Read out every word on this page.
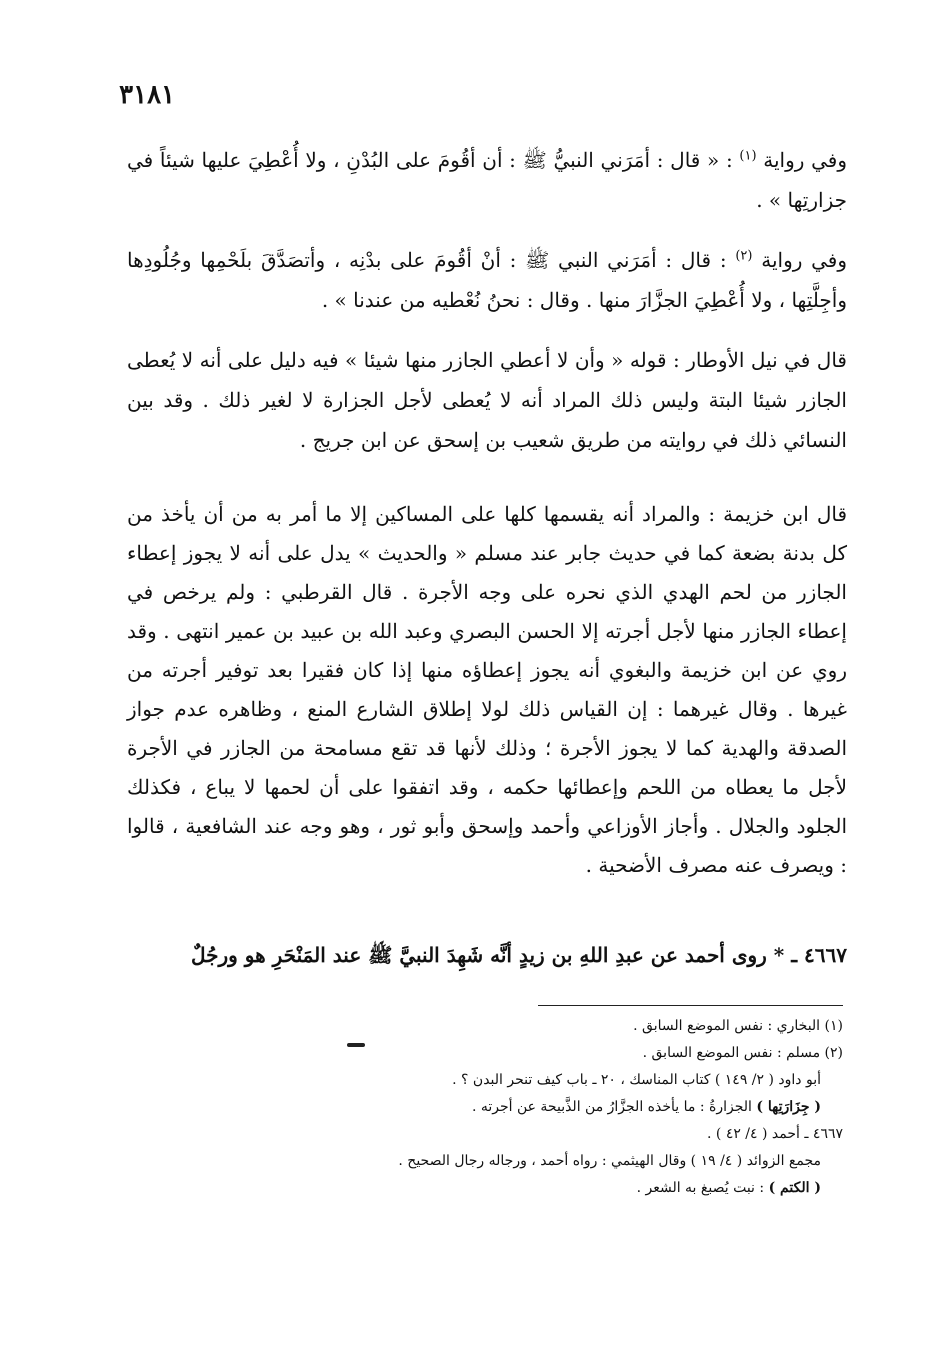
٣١٨١

وفي رواية $^{(١)}$ : « قال : أمَرَني النبيُّ ﷺ : أن أقُومَ على البُدْنِ ، ولا أُعْطِيَ عليها شيئاً في جزارتِها » .

وفي رواية $^{(٢)}$ : قال : أمَرَني النبي ﷺ : أنْ أقُومَ على بدْنِه ، وأتصَدَّقَ بلَحْمِها وجُلُودِها وأجِلَّتِها ، ولا أُعْطِيَ الجزَّارَ منها . وقال : نحنُ نُعْطيه من عندنا » .

قال في نيل الأوطار : قوله « وأن لا أعطي الجازر منها شيئا » فيه دليل على أنه لا يُعطى الجازر شيئا البتة وليس ذلك المراد أنه لا يُعطى لأجل الجزارة لا لغير ذلك . وقد بين النسائي ذلك في روايته من طريق شعيب بن إسحق عن ابن جريج .

قال ابن خزيمة : والمراد أنه يقسمها كلها على المساكين إلا ما أمر به من أن يأخذ من كل بدنة بضعة كما في حديث جابر عند مسلم « والحديث » يدل على أنه لا يجوز إعطاء الجازر من لحم الهدي الذي نحره على وجه الأجرة . قال القرطبي : ولم يرخص في إعطاء الجازر منها لأجل أجرته إلا الحسن البصري وعبد الله بن عبيد بن عمير انتهى . وقد روي عن ابن خزيمة والبغوي أنه يجوز إعطاؤه منها إذا كان فقيرا بعد توفير أجرته من غيرها . وقال غيرهما : إن القياس ذلك لولا إطلاق الشارع المنع ، وظاهره عدم جواز الصدقة والهدية كما لا يجوز الأجرة ؛ وذلك لأنها قد تقع مسامحة من الجازر في الأجرة لأجل ما يعطاه من اللحم وإعطائها حكمه ، وقد اتفقوا على أن لحمها لا يباع ، فكذلك الجلود والجلال . وأجاز الأوزاعي وأحمد وإسحق وأبو ثور ، وهو وجه عند الشافعية ، قالوا : ويصرف عنه مصرف الأضحية .

٤٦٦٧ ـ * روى أحمد عن عبدِ اللهِ بن زيدٍ أنَّه شَهِدَ النبيَّ ﷺ عند المَنْحَرِ هو ورجُلٌ

(١) البخاري : نفس الموضع السابق .

(٢) مسلم : نفس الموضع السابق .

أبو داود ( ٢/ ١٤٩ ) كتاب المناسك ، ٢٠ ـ باب كيف تنحر البدن ؟ .

( جِزَارَتِها ) الجزارةُ : ما يأخذه الجزَّارُ من الذَّبيحة عن أجرته .

٤٦٦٧ ـ أحمد ( ٤/ ٤٢ ) .

مجمع الزوائد ( ٤/ ١٩ ) وقال الهيثمي : رواه أحمد ، ورجاله رجال الصحيح .

( الكتم ) : نبت يُصبغ به الشعر .
